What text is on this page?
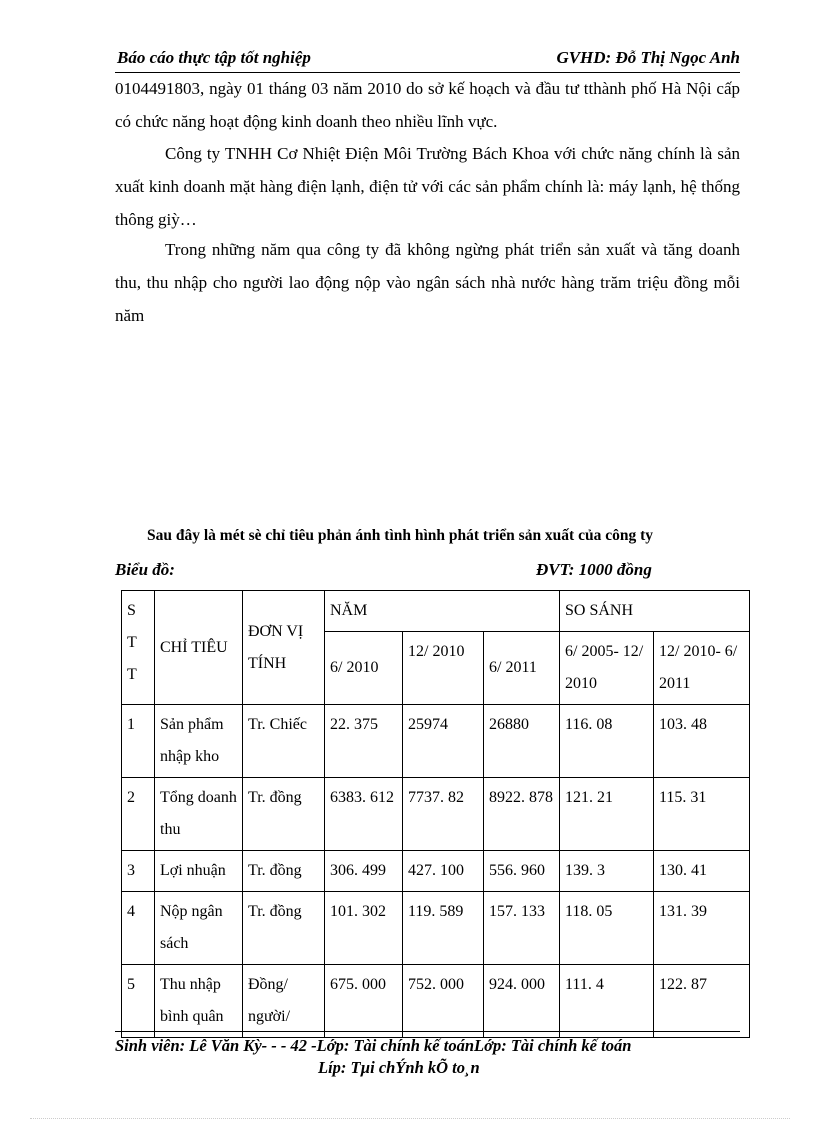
Báo cáo thực tập tốt nghiệp	GVHD: Đỗ Thị Ngọc Anh

0104491803, ngày 01 tháng 03 năm 2010 do sở kế hoạch và đầu tư tthành phố Hà Nội cấp có chức năng hoạt động kinh doanh theo nhiều lĩnh vực.

Công ty TNHH Cơ Nhiệt Điện Môi Trường Bách Khoa với chức năng chính là sản xuất kinh doanh mặt hàng điện lạnh, điện tử với các sản phẩm chính là: máy lạnh, hệ thống thông giỳ…

Trong những năm qua công ty đã không ngừng phát triển sản xuất và tăng doanh thu, thu nhập cho người lao động nộp vào ngân sách nhà nước hàng trăm triệu đồng mỗi năm

Sau đây là mét sè chỉ tiêu phản ánh tình hình phát triển sản xuất của công ty
Biểu đồ:	ĐVT: 1000 đồng
S T T	CHỈ TIÊU	ĐƠN VỊ TÍNH	NĂM			SO SÁNH	
			6/ 2010	12/ 2010	6/ 2011	6/ 2005- 12/ 2010	12/ 2010- 6/ 2011
1	Sản phẩm nhập kho	Tr. Chiếc	22. 375	25974	26880	116. 08	103. 48
2	Tổng doanh thu	Tr. đồng	6383. 612	7737. 82	8922. 878	121. 21	115. 31
3	Lợi nhuận	Tr. đồng	306. 499	427. 100	556. 960	139. 3	130. 41
4	Nộp ngân sách	Tr. đồng	101. 302	119. 589	157. 133	118. 05	131. 39
5	Thu nhập bình quân	Đồng/ người/	675. 000	752. 000	924. 000	111. 4	122. 87
Sinh viên: Lê Văn Kỳ- - - 42 -Lớp: Tài chính kế toánLớp: Tài chính kế toán
Líp: Tµi chÝnh kÕ to¸n
